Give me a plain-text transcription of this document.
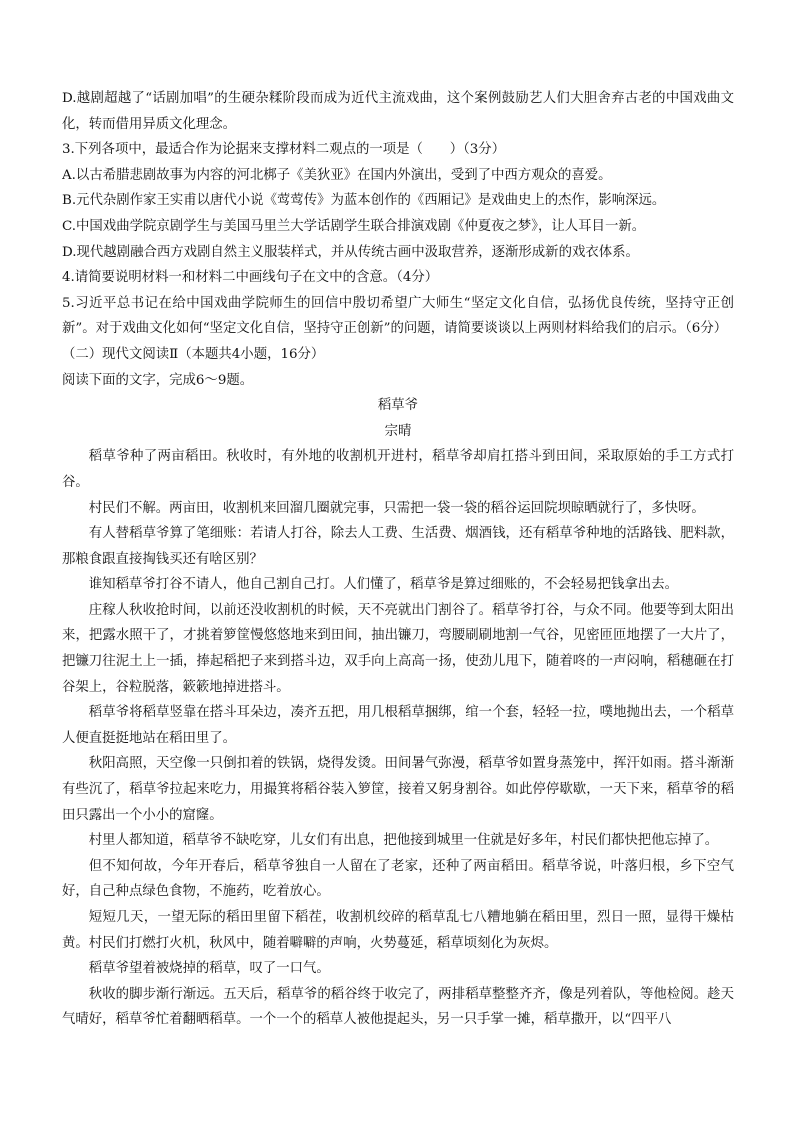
D.越剧超越了“话剧加唱”的生硬杂糅阶段而成为近代主流戏曲，这个案例鼓励艺人们大胆舍弃古老的中国戏曲文化，转而借用异质文化理念。
3.下列各项中，最适合作为论据来支撑材料二观点的一项是（　　）（3分）
A.以古希腊悲剧故事为内容的河北梆子《美狄亚》在国内外演出，受到了中西方观众的喜爱。
B.元代杂剧作家王实甫以唐代小说《莺莺传》为蓝本创作的《西厢记》是戏曲史上的杰作，影响深远。
C.中国戏曲学院京剧学生与美国马里兰大学话剧学生联合排演戏剧《仲夏夜之梦》，让人耳目一新。
D.现代越剧融合西方戏剧自然主义服装样式，并从传统古画中汲取营养，逐渐形成新的戏衣体系。
4.请简要说明材料一和材料二中画线句子在文中的含意。（4分）
5.习近平总书记在给中国戏曲学院师生的回信中殷切希望广大师生“坚定文化自信，弘扬优良传统，坚持守正创新”。对于戏曲文化如何“坚定文化自信，坚持守正创新”的问题，请简要谈谈以上两则材料给我们的启示。（6分）
（二）现代文阅读Ⅱ（本题共4小题，16分）
阅读下面的文字，完成6～9题。
稻草爷
宗晴
稻草爷种了两亩稻田。秋收时，有外地的收割机开进村，稻草爷却肩扛搭斗到田间，采取原始的手工方式打谷。
村民们不解。两亩田，收割机来回溜几圈就完事，只需把一袋一袋的稻谷运回院坝晾晒就行了，多快呀。
有人替稻草爷算了笔细账：若请人打谷，除去人工费、生活费、烟酒钱，还有稻草爷种地的活路钱、肥料款，那粮食跟直接掏钱买还有啥区别？
谁知稻草爷打谷不请人，他自己割自己打。人们懂了，稻草爷是算过细账的，不会轻易把钱拿出去。
庄稼人秋收抢时间，以前还没收割机的时候，天不亮就出门割谷了。稻草爷打谷，与众不同。他要等到太阳出来，把露水照干了，才挑着箩筐慢悠悠地来到田间，抽出镰刀，弯腰刷刷地割一气谷，见密匝匝地摆了一大片了，把镰刀往泥土上一插，捧起稻把子来到搭斗边，双手向上高高一扬，使劲儿甩下，随着咚的一声闷响，稻穗砸在打谷架上，谷粒脱落，簌簌地掉进搭斗。
稻草爷将稻草竖靠在搭斗耳朵边，凑齐五把，用几根稻草捆绑，绾一个套，轻轻一拉，噗地抛出去，一个稻草人便直挺挺地站在稻田里了。
秋阳高照，天空像一只倒扣着的铁锅，烧得发烫。田间暑气弥漫，稻草爷如置身蒸笼中，挥汗如雨。搭斗渐渐有些沉了，稻草爷拉起来吃力，用撮箕将稻谷装入箩筐，接着又躬身割谷。如此停停歇歇，一天下来，稻草爷的稻田只露出一个小小的窟窿。
村里人都知道，稻草爷不缺吃穿，儿女们有出息，把他接到城里一住就是好多年，村民们都快把他忘掉了。
但不知何故，今年开春后，稻草爷独自一人留在了老家，还种了两亩稻田。稻草爷说，叶落归根，乡下空气好，自己种点绿色食物，不施药，吃着放心。
短短几天，一望无际的稻田里留下稻茬，收割机绞碎的稻草乱七八糟地躺在稻田里，烈日一照，显得干燥枯黄。村民们打燃打火机，秋风中，随着噼噼的声响，火势蔓延，稻草顷刻化为灰烬。
稻草爷望着被烧掉的稻草，叹了一口气。
秋收的脚步渐行渐远。五天后，稻草爷的稻谷终于收完了，两排稻草整整齐齐，像是列着队，等他检阅。趁天气晴好，稻草爷忙着翻晒稻草。一个一个的稻草人被他提起头，另一只手掌一摊，稻草撒开，以“四平八
